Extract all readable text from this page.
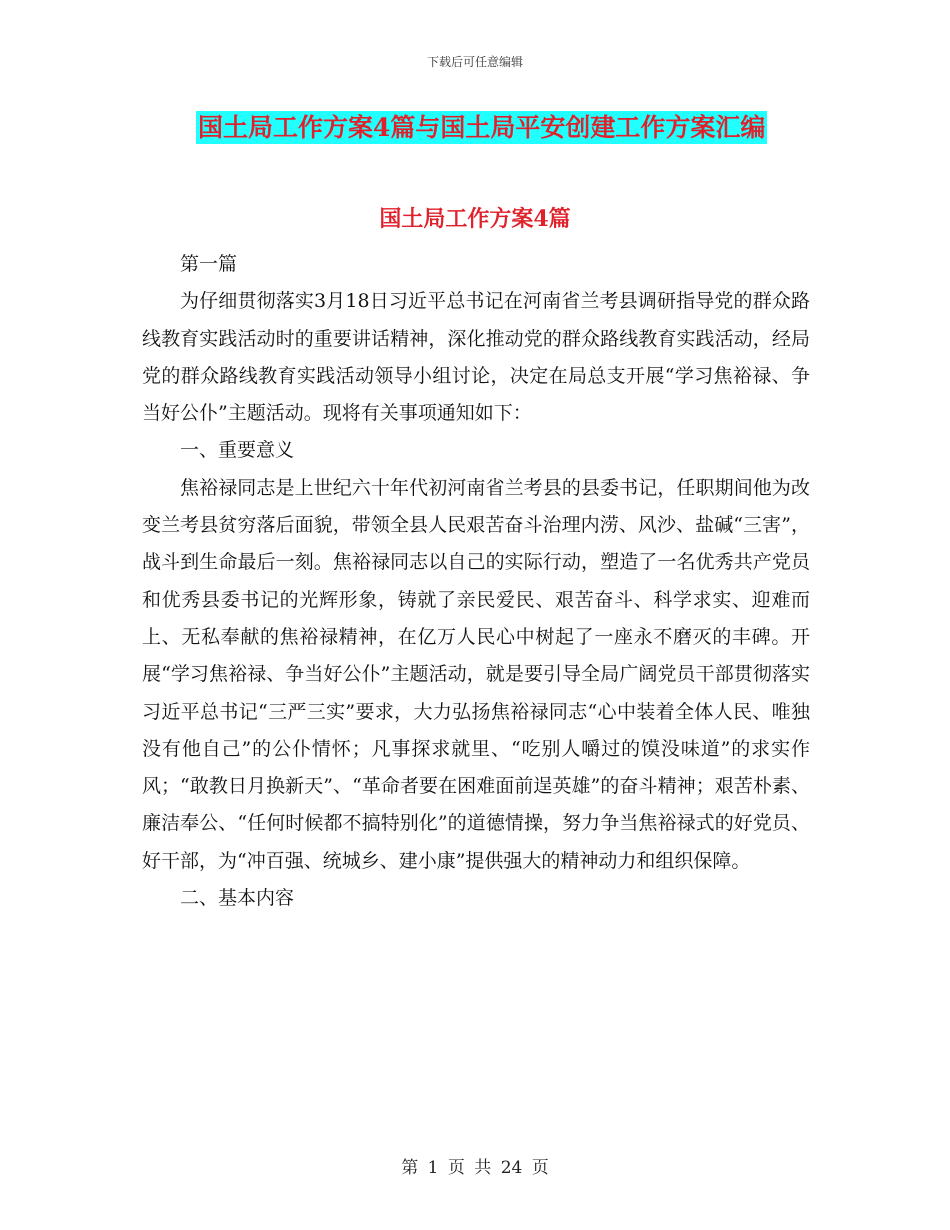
下载后可任意编辑
国土局工作方案4篇与国土局平安创建工作方案汇编
国土局工作方案4篇

第一篇

为仔细贯彻落实3月18日习近平总书记在河南省兰考县调研指导党的群众路线教育实践活动时的重要讲话精神，深化推动党的群众路线教育实践活动，经局党的群众路线教育实践活动领导小组讨论，决定在局总支开展“学习焦裕禄、争当好公仆”主题活动。现将有关事项通知如下：

一、重要意义

焦裕禄同志是上世纪六十年代初河南省兰考县的县委书记，任职期间他为改变兰考县贫穷落后面貌，带领全县人民艰苦奋斗治理内涝、风沙、盐碱“三害”，战斗到生命最后一刻。焦裕禄同志以自己的实际行动，塑造了一名优秀共产党员和优秀县委书记的光辉形象，铸就了亲民爱民、艰苦奋斗、科学求实、迎难而上、无私奉献的焦裕禄精神，在亿万人民心中树起了一座永不磨灭的丰碑。开展“学习焦裕禄、争当好公仆”主题活动，就是要引导全局广阔党员干部贯彻落实习近平总书记“三严三实”要求，大力弘扬焦裕禄同志“心中装着全体人民、唯独没有他自己”的公仆情怀；凡事探求就里、“吃别人嚼过的馍没味道”的求实作风；“敢教日月换新天”、“革命者要在困难面前逞英雄”的奋斗精神；艰苦朴素、廉洁奉公、“任何时候都不搞特别化”的道德情操，努力争当焦裕禄式的好党员、好干部，为“冲百强、统城乡、建小康”提供强大的精神动力和组织保障。

二、基本内容

第 1 页 共 24 页
